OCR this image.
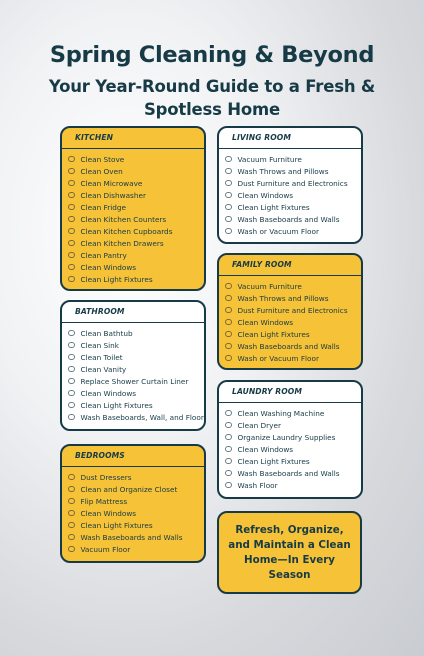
Spring Cleaning & Beyond
Your Year-Round Guide to a Fresh &
Spotless Home
KITCHEN
Clean Stove
Clean Oven
Clean Microwave
Clean Dishwasher
Clean Fridge
Clean Kitchen Counters
Clean Kitchen Cupboards
Clean Kitchen Drawers
Clean Pantry
Clean Windows
Clean Light Fixtures
LIVING ROOM
Vacuum Furniture
Wash Throws and Pillows
Dust Furniture and Electronics
Clean Windows
Clean Light Fixtures
Wash Baseboards and Walls
Wash or Vacuum Floor
FAMILY ROOM
Vacuum Furniture
Wash Throws and Pillows
Dust Furniture and Electronics
Clean Windows
Clean Light Fixtures
Wash Baseboards and Walls
Wash or Vacuum Floor
BATHROOM
Clean Bathtub
Clean Sink
Clean Toilet
Clean Vanity
Replace Shower Curtain Liner
Clean Windows
Clean Light Fixtures
Wash Baseboards, Wall, and Floor
LAUNDRY ROOM
Clean Washing Machine
Clean Dryer
Organize Laundry Supplies
Clean Windows
Clean Light Fixtures
Wash Baseboards and Walls
Wash Floor
BEDROOMS
Dust Dressers
Clean and Organize Closet
Flip Mattress
Clean Windows
Clean Light Fixtures
Wash Baseboards and Walls
Vacuum Floor
Refresh, Organize, and Maintain a Clean Home—In Every Season
